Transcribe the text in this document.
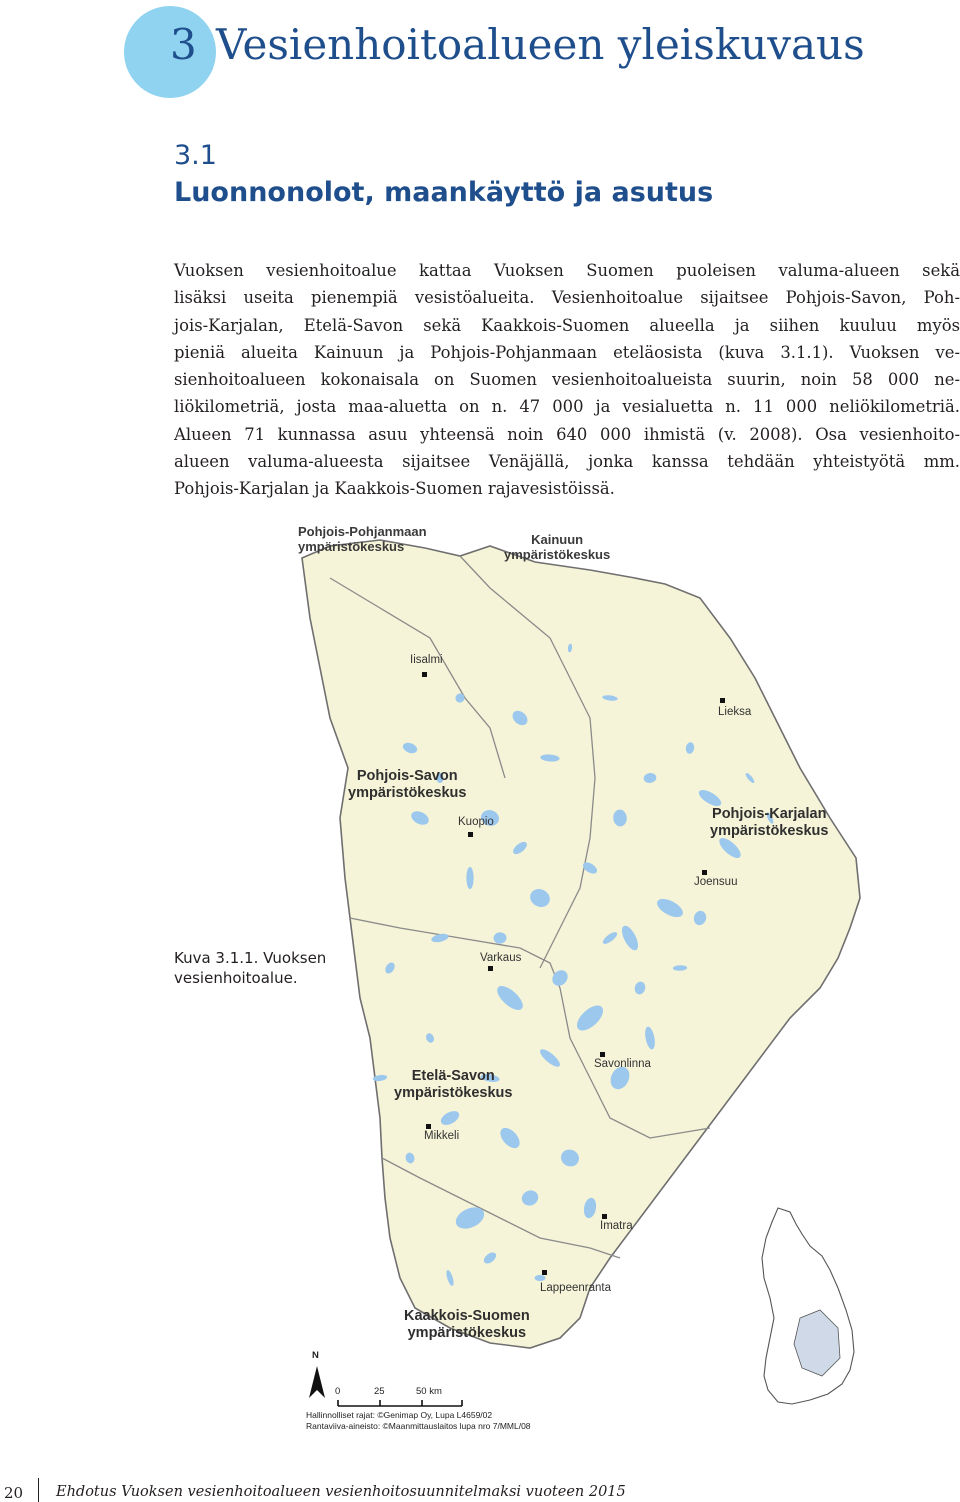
3 Vesienhoitoalueen yleiskuvaus
3.1
Luonnonolot, maankäyttö ja asutus
Vuoksen vesienhoitoalue kattaa Vuoksen Suomen puoleisen valuma-alueen sekä
lisäksi useita pienempiä vesistöalueita. Vesienhoitoalue sijaitsee Pohjois-Savon, Poh-
jois-Karjalan, Etelä-Savon sekä Kaakkois-Suomen alueella ja siihen kuuluu myös
pieniä alueita Kainuun ja Pohjois-Pohjanmaan eteläosista (kuva 3.1.1). Vuoksen ve-
sienhoitoalueen kokonaisala on Suomen vesienhoitoalueista suurin, noin 58 000 ne-
liökilometriä, josta maa-aluetta on n. 47 000 ja vesialuetta n. 11 000 neliökilometriä.
Alueen 71 kunnassa asuu yhteensä noin 640 000 ihmistä (v. 2008). Osa vesienhoito-
alueen valuma-alueesta sijaitsee Venäjällä, jonka kanssa tehdään yhteistyötä mm.
Pohjois-Karjalan ja Kaakkois-Suomen rajavesistöissä.
Pohjois-Pohjanmaan
ympäristökeskus	Kainuun
ympäristökeskus
Pohjois-Savon
ympäristökeskus
Pohjois-Karjalan
ympäristökeskus
Etelä-Savon
ympäristökeskus
Kaakkois-Suomen
ympäristökeskus
Iisalmi
Lieksa
Kuopio
Joensuu
Varkaus
Savonlinna
Mikkeli
Imatra
Lappeenranta
N
0	25	50 km
Hallinnolliset rajat: ©Genimap Oy, Lupa L4659/02
Rantaviiva-aineisto: ©Maanmittauslaitos lupa nro 7/MML/08
Kuva 3.1.1. Vuoksen
vesienhoitoalue.
20 Ehdotus Vuoksen vesienhoitoalueen vesienhoitosuunnitelmaksi vuoteen 2015
